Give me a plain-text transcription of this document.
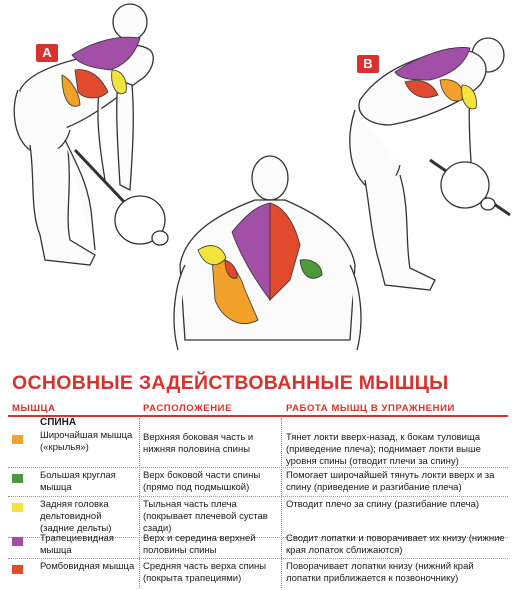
A
B
ОСНОВНЫЕ ЗАДЕЙСТВОВАННЫЕ МЫШЦЫ
МЫШЦА	РАСПОЛОЖЕНИЕ	РАБОТА МЫШЦ В УПРАЖНЕНИИ
СПИНА
Широчайшая мышца («крылья»)
Верхняя боковая часть и нижняя половина спины
Тянет локти вверх-назад, к бокам туловища (приведение плеча); поднимает локти выше уровня спины (отводит плечи за спину)
Большая круглая мышца
Верх боковой части спины (прямо под подмышкой)
Помогает широчайшей тянуть локти вверх и за спину (приведение и разгибание плеча)
Задняя головка дельтовидной (задние дельты)
Тыльная часть плеча (покрывает плечевой сустав сзади)
Отводит плечо за спину (разгибание плеча)
Трапециевидная мышца
Верх и середина верхней половины спины
Сводит лопатки и поворачивает их книзу (нижние края лопаток сближаются)
Ромбовидная мышца Средняя часть верха спины (покрыта трапециями)
Поворачивает лопатки книзу (нижний край лопатки приближается к позвоночнику)
